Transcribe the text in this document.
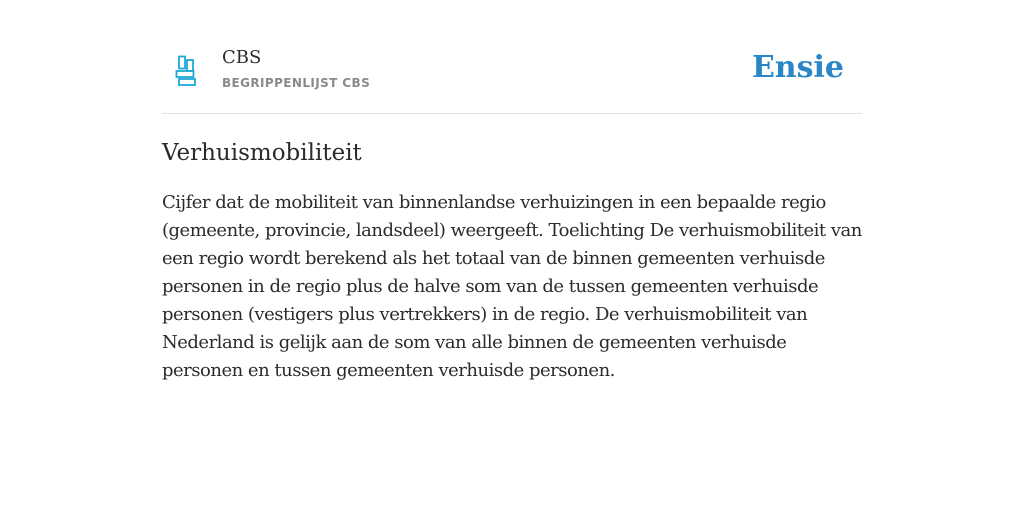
CBS
BEGRIPPENLIJST CBS	Ensie
Verhuismobiliteit

Cijfer dat de mobiliteit van binnenlandse verhuizingen in een bepaalde regio (gemeente, provincie, landsdeel) weergeeft. Toelichting De verhuismobiliteit van een regio wordt berekend als het totaal van de binnen gemeenten verhuisde personen in de regio plus de halve som van de tussen gemeenten verhuisde personen (vestigers plus vertrekkers) in de regio. De verhuismobiliteit van Nederland is gelijk aan de som van alle binnen de gemeenten verhuisde personen en tussen gemeenten verhuisde personen.
